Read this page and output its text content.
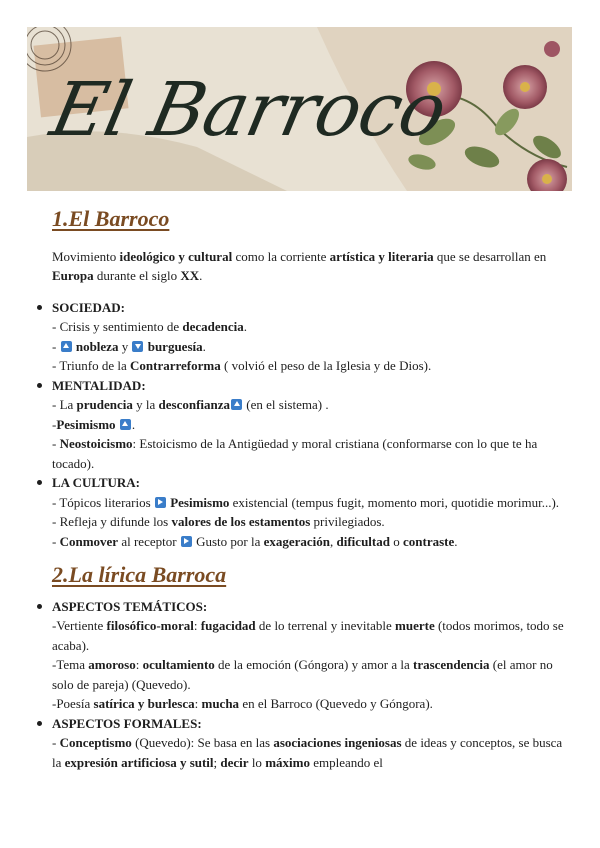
El Barroco
1.El Barroco

Movimiento ideológico y cultural como la corriente artística y literaria que se desarrollan en Europa durante el siglo XX.

SOCIEDAD:
- Crisis y sentimiento de decadencia.
-  nobleza y  burguesía.
- Triunfo de la Contrarreforma ( volvió el peso de la Iglesia y de Dios).
MENTALIDAD:
- La prudencia y la desconfianza (en el sistema) .
-Pesimismo .
- Neostoicismo: Estoicismo de la Antigüedad y moral cristiana (conformarse con lo que te ha tocado).
LA CULTURA:
- Tópicos literarios  Pesimismo existencial (tempus fugit, momento mori, quotidie morimur...).
- Refleja y difunde los valores de los estamentos privilegiados.
- Conmover al receptor  Gusto por la exageración, dificultad o contraste.
2.La lírica Barroca
ASPECTOS TEMÁTICOS:
-Vertiente filosófico-moral: fugacidad de lo terrenal y inevitable muerte (todos morimos, todo se acaba).
-Tema amoroso: ocultamiento de la emoción (Góngora) y amor a la trascendencia (el amor no solo de pareja) (Quevedo).
-Poesía satírica y burlesca: mucha en el Barroco (Quevedo y Góngora).
ASPECTOS FORMALES:
- Conceptismo (Quevedo): Se basa en las asociaciones ingeniosas de ideas y conceptos, se busca la expresión artificiosa y sutil; decir lo máximo empleando el
